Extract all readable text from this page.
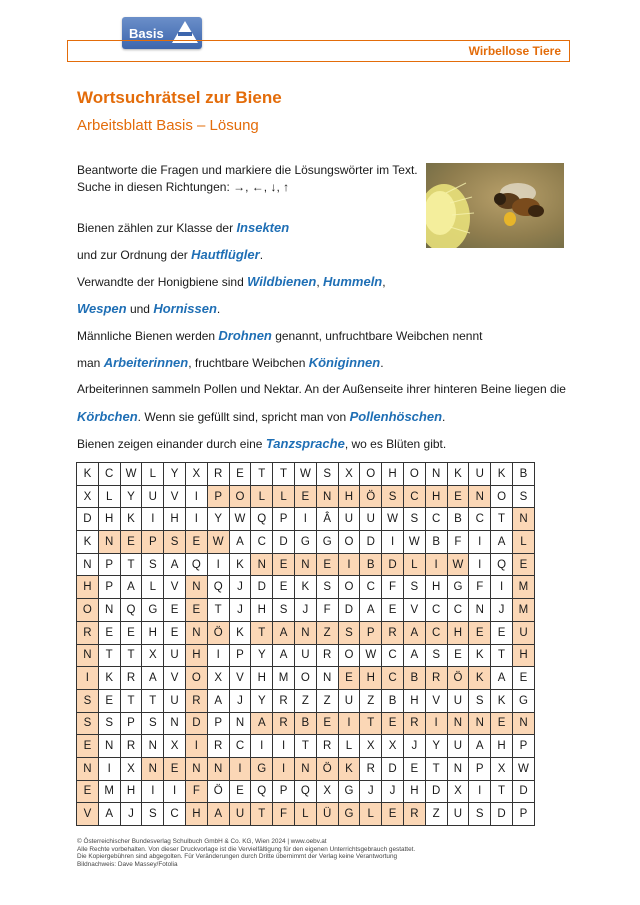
Basis
Wirbellose Tiere
Wortsuchrätsel zur Biene
Arbeitsblatt Basis – Lösung
Beantworte die Fragen und markiere die Lösungswörter im Text.
Suche in diesen Richtungen: →, ←, ↓, ↑
Bienen zählen zur Klasse der Insekten
und zur Ordnung der Hautflügler.
Verwandte der Honigbiene sind Wildbienen, Hummeln,
Wespen und Hornissen.
Männliche Bienen werden Drohnen genannt, unfruchtbare Weibchen nennt
man Arbeiterinnen, fruchtbare Weibchen Königinnen.
Arbeiterinnen sammeln Pollen und Nektar. An der Außenseite ihrer hinteren Beine liegen die
Körbchen. Wenn sie gefüllt sind, spricht man von Pollenhöschen.
Bienen zeigen einander durch eine Tanzsprache, wo es Blüten gibt.
K	C	W	L	Y	X	R	E	T	T	W	S	X	O	H	O	N	K	U	K	B
X	L	Y	U	V	I	P	O	L	L	E	N	H	Ö	S	C	H	E	N	O	S
D	H	K	I	H	I	Y	W	Q	P	I	Â	U	U	W	S	C	B	C	T	N
K	N	E	P	S	E	W	A	C	D	G	G	O	D	I	W	B	F	I	A	L
N	P	T	S	A	Q	I	K	N	E	N	E	I	B	D	L	I	W	I	Q	E
H	P	A	L	V	N	Q	J	D	E	K	S	O	C	F	S	H	G	F	I	M
O	N	Q	G	E	E	T	J	H	S	J	F	D	A	E	V	C	C	N	J	M
R	E	E	H	E	N	Ö	K	T	A	N	Z	S	P	R	A	C	H	E	E	U
N	T	T	X	U	H	I	P	Y	A	U	R	O	W	C	A	S	E	K	T	H
I	K	R	A	V	O	X	V	H	M	O	N	E	H	C	B	R	Ö	K	A	E
S	E	T	T	U	R	A	J	Y	R	Z	Z	U	Z	B	H	V	U	S	K	G
S	S	P	S	N	D	P	N	A	R	B	E	I	T	E	R	I	N	N	E	N
E	N	R	N	X	I	R	C	I	I	T	R	L	X	X	J	Y	U	A	H	P
N	I	X	N	E	N	N	I	G	I	N	Ö	K	R	D	E	T	N	P	X	W
E	M	H	I	I	F	Ö	E	Q	P	Q	X	G	J	J	H	D	X	I	T	D
V	A	J	S	C	H	A	U	T	F	L	Ü	G	L	E	R	Z	U	S	D	P
© Österreichischer Bundesverlag Schulbuch GmbH & Co. KG, Wien 2024 | www.oebv.at
Alle Rechte vorbehalten. Von dieser Druckvorlage ist die Vervielfältigung für den eigenen Unterrichtsgebrauch gestattet.
Die Kopiergebühren sind abgegolten. Für Veränderungen durch Dritte übernimmt der Verlag keine Verantwortung
Bildnachweis: Dave Massey/Fotolia
